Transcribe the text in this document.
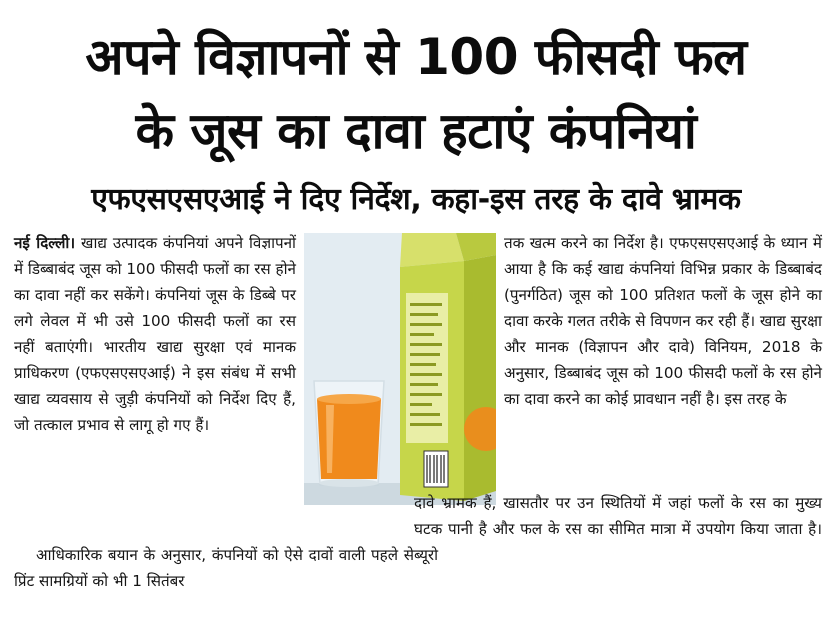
अपने विज्ञापनों से 100 फीसदी फल
के जूस का दावा हटाएं कंपनियां
एफएसएसएआई ने दिए निर्देश, कहा-इस तरह के दावे भ्रामक

नई दिल्ली। खाद्य उत्पादक कंपनियां अपने विज्ञापनों में डिब्बाबंद जूस को 100 फीसदी फलों का रस होने का दावा नहीं कर सकेंगे। कंपनियां जूस के डिब्बे पर लगे लेवल में भी उसे 100 फीसदी फलों का रस नहीं बताएंगी। भारतीय खाद्य सुरक्षा एवं मानक प्राधिकरण (एफएसएसएआई) ने इस संबंध में सभी खाद्य व्यवसाय से जुड़ी कंपनियों को निर्देश दिए हैं, जो तत्काल प्रभाव से लागू हो गए हैं।

आधिकारिक बयान के अनुसार, कंपनियों को ऐसे दावों वाली पहले से प्रिंट सामग्रियों को भी 1 सितंबर

तक खत्म करने का निर्देश है। एफएसएसएआई के ध्यान में आया है कि कई खाद्य कंपनियां विभिन्न प्रकार के डिब्बाबंद (पुनर्गठित) जूस को 100 प्रतिशत फलों के जूस होने का दावा करके गलत तरीके से विपणन कर रही हैं। खाद्य सुरक्षा और मानक (विज्ञापन और दावे) विनियम, 2018 के अनुसार, डिब्बाबंद जूस को 100 फीसदी फलों के रस होने का दावा करने का कोई प्रावधान नहीं है। इस तरह के

दावे भ्रामक हैं, खासतौर पर उन स्थितियों में जहां फलों के रस का मुख्य घटक पानी है और फल के रस का सीमित मात्रा में उपयोग किया जाता है। ब्यूरो
